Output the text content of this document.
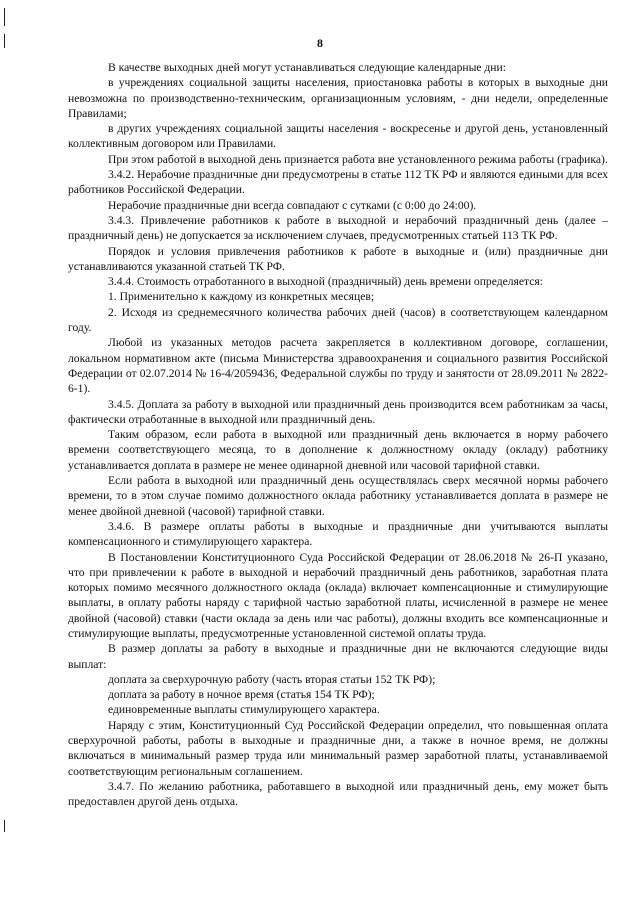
8

В качестве выходных дней могут устанавливаться следующие календарные дни:

в учреждениях социальной защиты населения, приостановка работы в которых в выходные дни невозможна по производственно-техническим, организационным условиям, - дни недели, определенные Правилами;

в других учреждениях социальной защиты населения - воскресенье и другой день, установленный коллективным договором или Правилами.

При этом работой в выходной день признается работа вне установленного режима работы (графика).

3.4.2. Нерабочие праздничные дни предусмотрены в статье 112 ТК РФ и являются едиными для всех работников Российской Федерации.

Нерабочие праздничные дни всегда совпадают с сутками (с 0:00 до 24:00).

3.4.3. Привлечение работников к работе в выходной и нерабочий праздничный день (далее – праздничный день) не допускается за исключением случаев, предусмотренных статьей 113 ТК РФ.

Порядок и условия привлечения работников к работе в выходные и (или) праздничные дни устанавливаются указанной статьей ТК РФ.

3.4.4. Стоимость отработанного в выходной (праздничный) день времени определяется:

1. Применительно к каждому из конкретных месяцев;

2. Исходя из среднемесячного количества рабочих дней (часов) в соответствующем календарном году.

Любой из указанных методов расчета закрепляется в коллективном договоре, соглашении, локальном нормативном акте (письма Министерства здравоохранения и социального развития Российской Федерации от 02.07.2014 № 16-4/2059436, Федеральной службы по труду и занятости от 28.09.2011 № 2822-6-1).

3.4.5. Доплата за работу в выходной или праздничный день производится всем работникам за часы, фактически отработанные в выходной или праздничный день.

Таким образом, если работа в выходной или праздничный день включается в норму рабочего времени соответствующего месяца, то в дополнение к должностному окладу (окладу) работнику устанавливается доплата в размере не менее одинарной дневной или часовой тарифной ставки.

Если работа в выходной или праздничный день осуществлялась сверх месячной нормы рабочего времени, то в этом случае помимо должностного оклада работнику устанавливается доплата в размере не менее двойной дневной (часовой) тарифной ставки.

3.4.6. В размере оплаты работы в выходные и праздничные дни учитываются выплаты компенсационного и стимулирующего характера.

В Постановлении Конституционного Суда Российской Федерации от 28.06.2018 № 26-П указано, что при привлечении к работе в выходной и нерабочий праздничный день работников, заработная плата которых помимо месячного должностного оклада (оклада) включает компенсационные и стимулирующие выплаты, в оплату работы наряду с тарифной частью заработной платы, исчисленной в размере не менее двойной (часовой) ставки (части оклада за день или час работы), должны входить все компенсационные и стимулирующие выплаты, предусмотренные установленной системой оплаты труда.

В размер доплаты за работу в выходные и праздничные дни не включаются следующие виды выплат:

доплата за сверхурочную работу (часть вторая статьи 152 ТК РФ);

доплата за работу в ночное время (статья 154 ТК РФ);

единовременные выплаты стимулирующего характера.

Наряду с этим, Конституционный Суд Российской Федерации определил, что повышенная оплата сверхурочной работы, работы в выходные и праздничные дни, а также в ночное время, не должны включаться в минимальный размер труда или минимальный размер заработной платы, устанавливаемой соответствующим региональным соглашением.

3.4.7. По желанию работника, работавшего в выходной или праздничный день, ему может быть предоставлен другой день отдыха.
